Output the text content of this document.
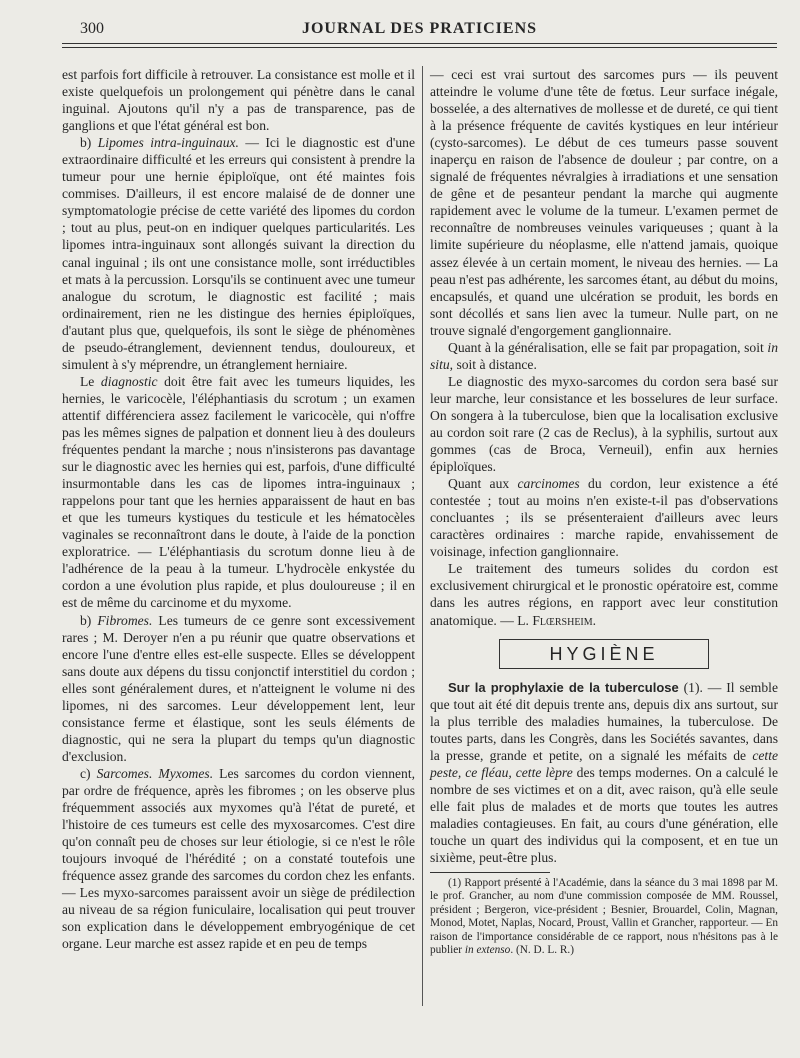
300	JOURNAL DES PRATICIENS

est parfois fort difficile à retrouver. La consistance est molle et il existe quelquefois un prolongement qui pénètre dans le canal inguinal. Ajoutons qu'il n'y a pas de transparence, pas de ganglions et que l'état général est bon.

b) Lipomes intra-inguinaux. — Ici le diagnostic est d'une extraordinaire difficulté et les erreurs qui consistent à prendre la tumeur pour une hernie épiploïque, ont été maintes fois commises. D'ailleurs, il est encore malaisé de de donner une symptomatologie précise de cette variété des lipomes du cordon ; tout au plus, peut-on en indiquer quelques particularités. Les lipomes intra-inguinaux sont allongés suivant la direction du canal inguinal ; ils ont une consistance molle, sont irréductibles et mats à la percussion. Lorsqu'ils se continuent avec une tumeur analogue du scrotum, le diagnostic est facilité ; mais ordinairement, rien ne les distingue des hernies épiploïques, d'autant plus que, quelquefois, ils sont le siège de phénomènes de pseudo-étranglement, deviennent tendus, douloureux, et simulent à s'y méprendre, un étranglement herniaire.

Le diagnostic doit être fait avec les tumeurs liquides, les hernies, le varicocèle, l'éléphantiasis du scrotum ; un examen attentif différenciera assez facilement le varicocèle, qui n'offre pas les mêmes signes de palpation et donnent lieu à des douleurs fréquentes pendant la marche ; nous n'insisterons pas davantage sur le diagnostic avec les hernies qui est, parfois, d'une difficulté insurmontable dans les cas de lipomes intra-inguinaux ; rappelons pour tant que les hernies apparaissent de haut en bas et que les tumeurs kystiques du testicule et les hématocèles vaginales se reconnaîtront dans le doute, à l'aide de la ponction exploratrice. — L'éléphantiasis du scrotum donne lieu à de l'adhérence de la peau à la tumeur. L'hydrocèle enkystée du cordon a une évolution plus rapide, et plus douloureuse ; il en est de même du carcinome et du myxome.

b) Fibromes. Les tumeurs de ce genre sont excessivement rares ; M. Deroyer n'en a pu réunir que quatre observations et encore l'une d'entre elles est-elle suspecte. Elles se développent sans doute aux dépens du tissu conjonctif interstitiel du cordon ; elles sont généralement dures, et n'atteignent le volume ni des lipomes, ni des sarcomes. Leur développement lent, leur consistance ferme et élastique, sont les seuls éléments de diagnostic, qui ne sera la plupart du temps qu'un diagnostic d'exclusion.

c) Sarcomes. Myxomes. Les sarcomes du cordon viennent, par ordre de fréquence, après les fibromes ; on les observe plus fréquemment associés aux myxomes qu'à l'état de pureté, et l'histoire de ces tumeurs est celle des myxosarcomes. C'est dire qu'on connaît peu de choses sur leur étiologie, si ce n'est le rôle toujours invoqué de l'hérédité ; on a constaté toutefois une fréquence assez grande des sarcomes du cordon chez les enfants. — Les myxo-sarcomes paraissent avoir un siège de prédilection au niveau de sa région funiculaire, localisation qui peut trouver son explication dans le développement embryogénique de cet organe. Leur marche est assez rapide et en peu de temps

— ceci est vrai surtout des sarcomes purs — ils peuvent atteindre le volume d'une tête de fœtus. Leur surface inégale, bosselée, a des alternatives de mollesse et de dureté, ce qui tient à la présence fréquente de cavités kystiques en leur intérieur (cysto-sarcomes). Le début de ces tumeurs passe souvent inaperçu en raison de l'absence de douleur ; par contre, on a signalé de fréquentes névralgies à irradiations et une sensation de gêne et de pesanteur pendant la marche qui augmente rapidement avec le volume de la tumeur. L'examen permet de reconnaître de nombreuses veinules variqueuses ; quant à la limite supérieure du néoplasme, elle n'attend jamais, quoique assez élevée à un certain moment, le niveau des hernies. — La peau n'est pas adhérente, les sarcomes étant, au début du moins, encapsulés, et quand une ulcération se produit, les bords en sont décollés et sans lien avec la tumeur. Nulle part, on ne trouve signalé d'engorgement ganglionnaire.

Quant à la généralisation, elle se fait par propagation, soit in situ, soit à distance.

Le diagnostic des myxo-sarcomes du cordon sera basé sur leur marche, leur consistance et les bosselures de leur surface. On songera à la tuberculose, bien que la localisation exclusive au cordon soit rare (2 cas de Reclus), à la syphilis, surtout aux gommes (cas de Broca, Verneuil), enfin aux hernies épiploïques.

Quant aux carcinomes du cordon, leur existence a été contestée ; tout au moins n'en existe-t-il pas d'observations concluantes ; ils se présenteraient d'ailleurs avec leurs caractères ordinaires : marche rapide, envahissement de voisinage, infection ganglionnaire.

Le traitement des tumeurs solides du cordon est exclusivement chirurgical et le pronostic opératoire est, comme dans les autres régions, en rapport avec leur constitution anatomique. — L. Flœrsheim.

HYGIÈNE

Sur la prophylaxie de la tuberculose (1). — Il semble que tout ait été dit depuis trente ans, depuis dix ans surtout, sur la plus terrible des maladies humaines, la tuberculose. De toutes parts, dans les Congrès, dans les Sociétés savantes, dans la presse, grande et petite, on a signalé les méfaits de cette peste, ce fléau, cette lèpre des temps modernes. On a calculé le nombre de ses victimes et on a dit, avec raison, qu'à elle seule elle fait plus de malades et de morts que toutes les autres maladies contagieuses. En fait, au cours d'une génération, elle touche un quart des individus qui la composent, et en tue un sixième, peut-être plus.

(1) Rapport présenté à l'Académie, dans la séance du 3 mai 1898 par M. le prof. Grancher, au nom d'une commission composée de MM. Roussel, président ; Bergeron, vice-président ; Besnier, Brouardel, Colin, Magnan, Monod, Motet, Naplas, Nocard, Proust, Vallin et Grancher, rapporteur. — En raison de l'importance considérable de ce rapport, nous n'hésitons pas à le publier in extenso. (N. D. L. R.)
